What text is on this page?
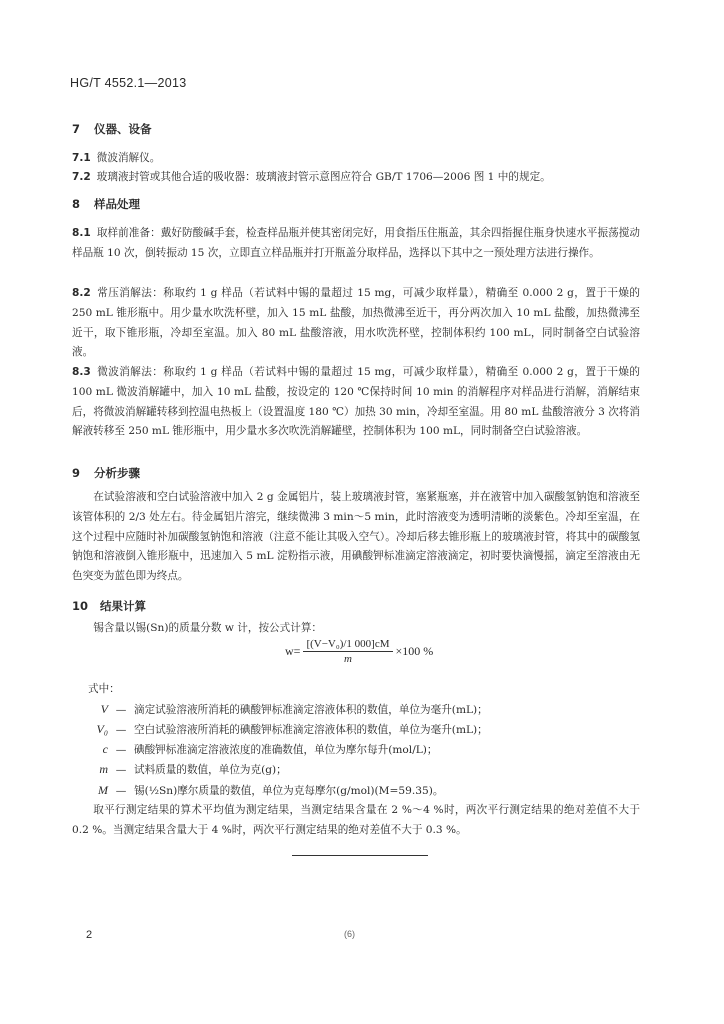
HG/T 4552.1—2013
7 仪器、设备

7.1 微波消解仪。

7.2 玻璃液封管或其他合适的吸收器：玻璃液封管示意图应符合 GB/T 1706—2006 图 1 中的规定。

8 样品处理

8.1 取样前准备：戴好防酸碱手套，检查样品瓶并使其密闭完好，用食指压住瓶盖，其余四指握住瓶身快速水平振荡搅动样品瓶 10 次，倒转振动 15 次，立即直立样品瓶并打开瓶盖分取样品，选择以下其中之一预处理方法进行操作。

8.2 常压消解法：称取约 1 g 样品（若试料中锡的量超过 15 mg，可减少取样量），精确至 0.000 2 g，置于干燥的 250 mL 锥形瓶中。用少量水吹洗杯壁，加入 15 mL 盐酸，加热微沸至近干，再分两次加入 10 mL 盐酸，加热微沸至近干，取下锥形瓶，冷却至室温。加入 80 mL 盐酸溶液，用水吹洗杯壁，控制体积约 100 mL，同时制备空白试验溶液。

8.3 微波消解法：称取约 1 g 样品（若试料中锡的量超过 15 mg，可减少取样量），精确至 0.000 2 g，置于干燥的 100 mL 微波消解罐中，加入 10 mL 盐酸，按设定的 120 ℃保持时间 10 min 的消解程序对样品进行消解，消解结束后，将微波消解罐转移到控温电热板上（设置温度 180 ℃）加热 30 min，冷却至室温。用 80 mL 盐酸溶液分 3 次将消解液转移至 250 mL 锥形瓶中，用少量水多次吹洗消解罐壁，控制体积为 100 mL，同时制备空白试验溶液。

9 分析步骤

在试验溶液和空白试验溶液中加入 2 g 金属铝片，装上玻璃液封管，塞紧瓶塞，并在液管中加入碳酸氢钠饱和溶液至该管体积的 2/3 处左右。待金属铝片溶完，继续微沸 3 min～5 min，此时溶液变为透明清晰的淡紫色。冷却至室温，在这个过程中应随时补加碳酸氢钠饱和溶液（注意不能让其吸入空气）。冷却后移去锥形瓶上的玻璃液封管，将其中的碳酸氢钠饱和溶液倒入锥形瓶中，迅速加入 5 mL 淀粉指示液，用碘酸钾标准滴定溶液滴定，初时要快滴慢摇，滴定至溶液由无色突变为蓝色即为终点。

10 结果计算

锡含量以锡(Sn)的质量分数 w 计，按公式计算：

$w= \frac{\text{[(V−V₀)/1 000]cM}}{m} \times 100$ %
式中：
V — 滴定试验溶液所消耗的碘酸钾标准滴定溶液体积的数值，单位为毫升(mL)；
V₀ — 空白试验溶液所消耗的碘酸钾标准滴定溶液体积的数值，单位为毫升(mL)；
c — 碘酸钾标准滴定溶液浓度的准确数值，单位为摩尔每升(mol/L)；
m — 试料质量的数值，单位为克(g)；
M — 锡(½Sn)摩尔质量的数值，单位为克每摩尔(g/mol)(M=59.35)。

取平行测定结果的算术平均值为测定结果，当测定结果含量在 2 %～4 %时，两次平行测定结果的绝对差值不大于 0.2 %。当测定结果含量大于 4 %时，两次平行测定结果的绝对差值不大于 0.3 %。

2	(6)
